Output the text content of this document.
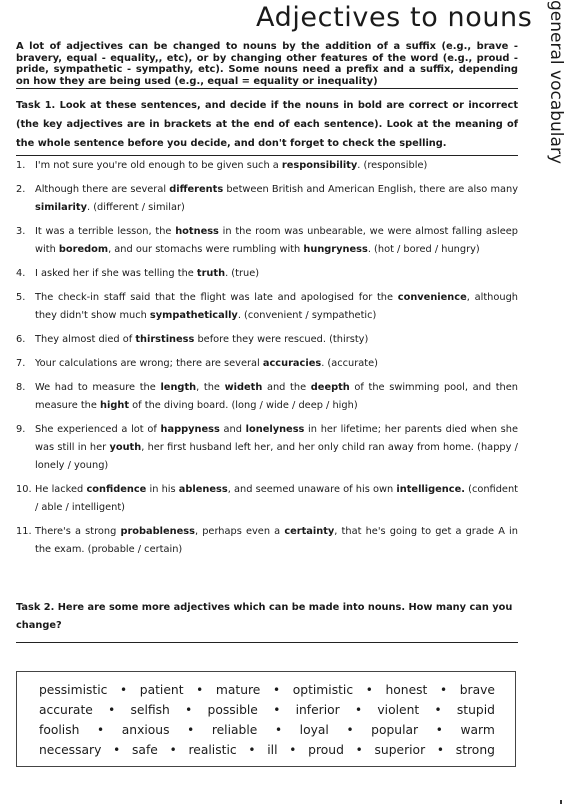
Adjectives to nouns general vocabulary
A lot of adjectives can be changed to nouns by the addition of a suffix (e.g., brave - bravery, equal - equality,, etc), or by changing other features of the word (e.g., proud - pride, sympathetic - sympathy, etc). Some nouns need a prefix and a suffix, depending on how they are being used (e.g., equal = equality or inequality)
Task 1. Look at these sentences, and decide if the nouns in bold are correct or incorrect (the key adjectives are in brackets at the end of each sentence). Look at the meaning of the whole sentence before you decide, and don't forget to check the spelling.
1. I'm not sure you're old enough to be given such a responsibility. (responsible)
2. Although there are several differents between British and American English, there are also many similarity. (different / similar)
3. It was a terrible lesson, the hotness in the room was unbearable, we were almost falling asleep with boredom, and our stomachs were rumbling with hungryness. (hot / bored / hungry)
4. I asked her if she was telling the truth. (true)
5. The check-in staff said that the flight was late and apologised for the convenience, although they didn't show much sympathetically. (convenient / sympathetic)
6. They almost died of thirstiness before they were rescued. (thirsty)
7. Your calculations are wrong; there are several accuracies. (accurate)
8. We had to measure the length, the wideth and the deepth of the swimming pool, and then measure the hight of the diving board. (long / wide / deep / high)
9. She experienced a lot of happyness and lonelyness in her lifetime; her parents died when she was still in her youth, her first husband left her, and her only child ran away from home. (happy / lonely / young)
10. He lacked confidence in his ableness, and seemed unaware of his own intelligence. (confident / able / intelligent)
11. There's a strong probableness, perhaps even a certainty, that he's going to get a grade A in the exam. (probable / certain)
Task 2. Here are some more adjectives which can be made into nouns. How many can you change?
pessimistic • patient • mature • optimistic • honest • brave
accurate • selfish • possible • inferior • violent • stupid
foolish • anxious • reliable • loyal • popular • warm
necessary • safe • realistic • ill • proud • superior • strong
